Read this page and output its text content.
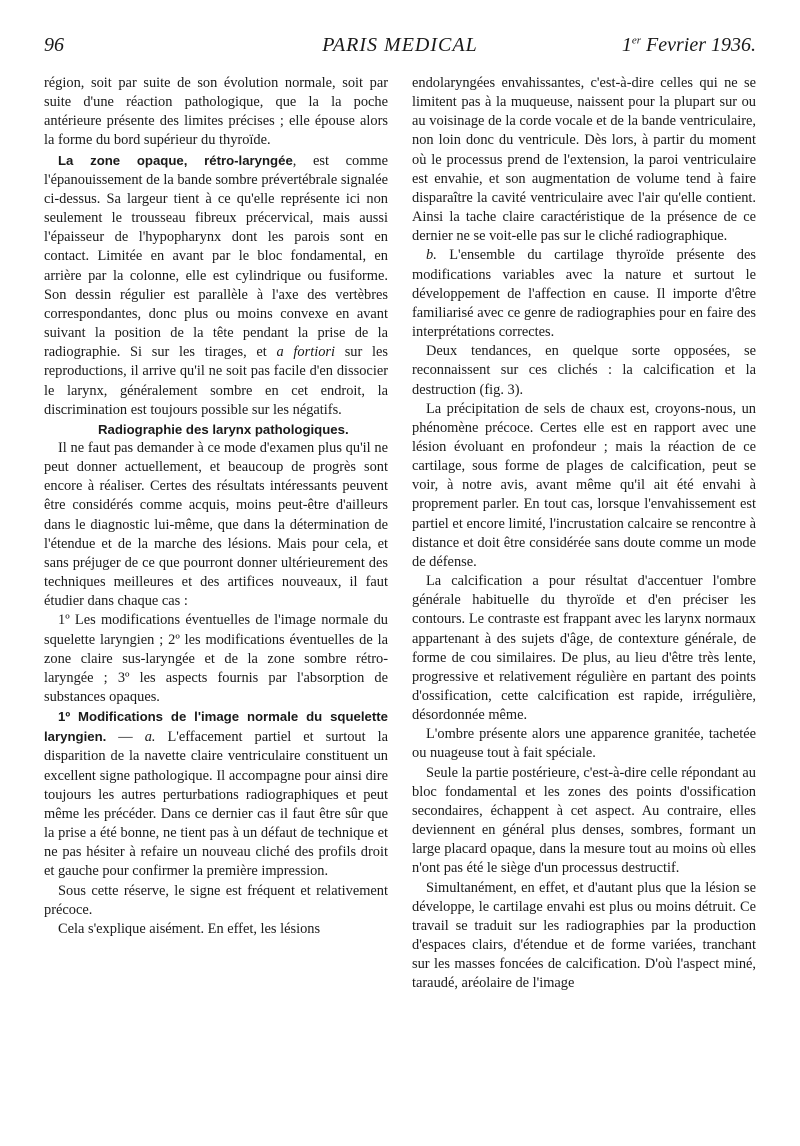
96	PARIS MEDICAL	1er Fevrier 1936.

région, soit par suite de son évolution normale, soit par suite d'une réaction pathologique, que la la poche antérieure présente des limites précises ; elle épouse alors la forme du bord supérieur du thyroïde.

La zone opaque, rétro-laryngée, est comme l'épanouissement de la bande sombre prévertébrale signalée ci-dessus. Sa largeur tient à ce qu'elle représente ici non seulement le trousseau fibreux précervical, mais aussi l'épaisseur de l'hypopharynx dont les parois sont en contact. Limitée en avant par le bloc fondamental, en arrière par la colonne, elle est cylindrique ou fusiforme. Son dessin régulier est parallèle à l'axe des vertèbres correspondantes, donc plus ou moins convexe en avant suivant la position de la tête pendant la prise de la radiographie. Si sur les tirages, et a fortiori sur les reproductions, il arrive qu'il ne soit pas facile d'en dissocier le larynx, généralement sombre en cet endroit, la discrimination est toujours possible sur les négatifs.

Radiographie des larynx pathologiques.

Il ne faut pas demander à ce mode d'examen plus qu'il ne peut donner actuellement, et beaucoup de progrès sont encore à réaliser. Certes des résultats intéressants peuvent être considérés comme acquis, moins peut-être d'ailleurs dans le diagnostic lui-même, que dans la détermination de l'étendue et de la marche des lésions. Mais pour cela, et sans préjuger de ce que pourront donner ultérieurement des techniques meilleures et des artifices nouveaux, il faut étudier dans chaque cas :

1º Les modifications éventuelles de l'image normale du squelette laryngien ; 2º les modifications éventuelles de la zone claire sus-laryngée et de la zone sombre rétro-laryngée ; 3º les aspects fournis par l'absorption de substances opaques.

1º Modifications de l'image normale du squelette laryngien. — a. L'effacement partiel et surtout la disparition de la navette claire ventriculaire constituent un excellent signe pathologique. Il accompagne pour ainsi dire toujours les autres perturbations radiographiques et peut même les précéder. Dans ce dernier cas il faut être sûr que la prise a été bonne, ne tient pas à un défaut de technique et ne pas hésiter à refaire un nouveau cliché des profils droit et gauche pour confirmer la première impression.

Sous cette réserve, le signe est fréquent et relativement précoce.

Cela s'explique aisément. En effet, les lésions

endolaryngées envahissantes, c'est-à-dire celles qui ne se limitent pas à la muqueuse, naissent pour la plupart sur ou au voisinage de la corde vocale et de la bande ventriculaire, non loin donc du ventricule. Dès lors, à partir du moment où le processus prend de l'extension, la paroi ventriculaire est envahie, et son augmentation de volume tend à faire disparaître la cavité ventriculaire avec l'air qu'elle contient. Ainsi la tache claire caractéristique de la présence de ce dernier ne se voit-elle pas sur le cliché radiographique.

b. L'ensemble du cartilage thyroïde présente des modifications variables avec la nature et surtout le développement de l'affection en cause. Il importe d'être familiarisé avec ce genre de radiographies pour en faire des interprétations correctes.

Deux tendances, en quelque sorte opposées, se reconnaissent sur ces clichés : la calcification et la destruction (fig. 3).

La précipitation de sels de chaux est, croyons-nous, un phénomène précoce. Certes elle est en rapport avec une lésion évoluant en profondeur ; mais la réaction de ce cartilage, sous forme de plages de calcification, peut se voir, à notre avis, avant même qu'il ait été envahi à proprement parler. En tout cas, lorsque l'envahissement est partiel et encore limité, l'incrustation calcaire se rencontre à distance et doit être considérée sans doute comme un mode de défense.

La calcification a pour résultat d'accentuer l'ombre générale habituelle du thyroïde et d'en préciser les contours. Le contraste est frappant avec les larynx normaux appartenant à des sujets d'âge, de contexture générale, de forme de cou similaires. De plus, au lieu d'être très lente, progressive et relativement régulière en partant des points d'ossification, cette calcification est rapide, irrégulière, désordonnée même.

L'ombre présente alors une apparence granitée, tachetée ou nuageuse tout à fait spéciale.

Seule la partie postérieure, c'est-à-dire celle répondant au bloc fondamental et les zones des points d'ossification secondaires, échappent à cet aspect. Au contraire, elles deviennent en général plus denses, sombres, formant un large placard opaque, dans la mesure tout au moins où elles n'ont pas été le siège d'un processus destructif.

Simultanément, en effet, et d'autant plus que la lésion se développe, le cartilage envahi est plus ou moins détruit. Ce travail se traduit sur les radiographies par la production d'espaces clairs, d'étendue et de forme variées, tranchant sur les masses foncées de calcification. D'où l'aspect miné, taraudé, aréolaire de l'image
